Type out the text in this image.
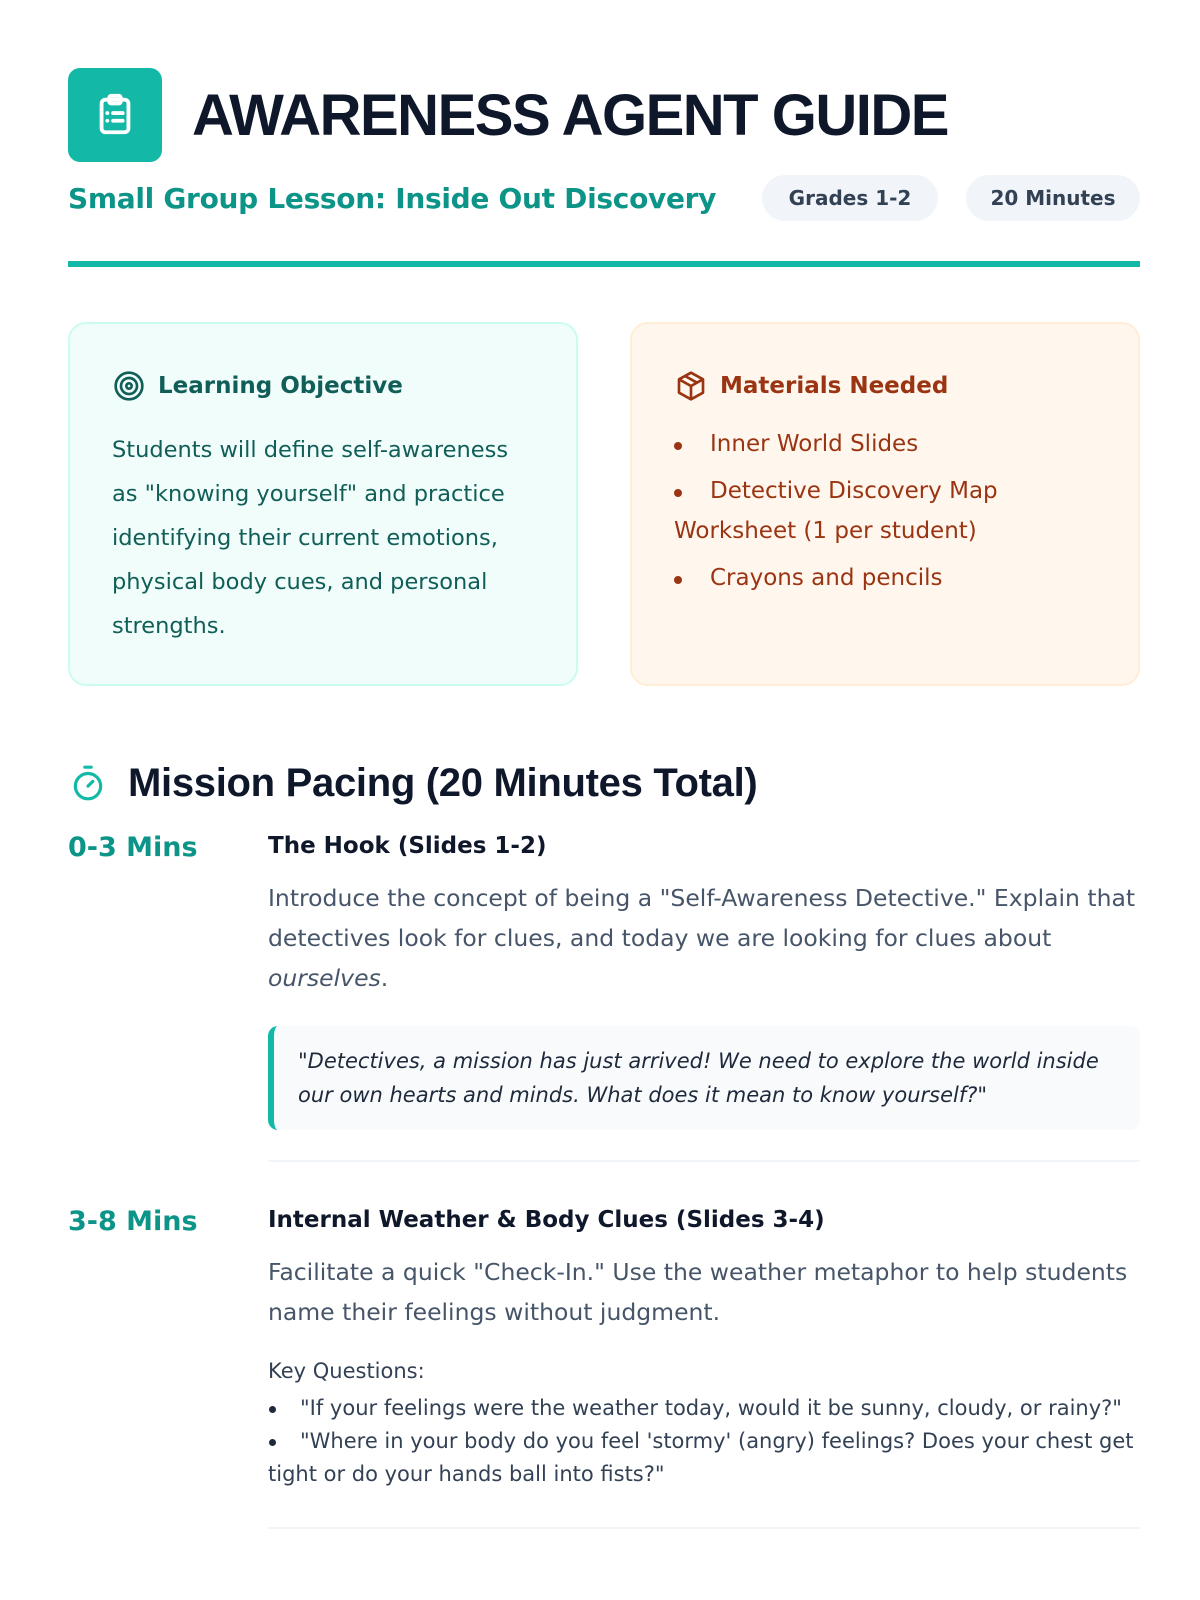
AWARENESS AGENT GUIDE
Small Group Lesson: Inside Out Discovery	Grades 1-2	20 Minutes
Learning Objective

Students will define self-awareness as "knowing yourself" and practice identifying their current emotions, physical body cues, and personal strengths.

Materials Needed
Inner World Slides
Detective Discovery Map Worksheet (1 per student)
Crayons and pencils
Mission Pacing (20 Minutes Total)
0-3 Mins	The Hook (Slides 1-2)

Introduce the concept of being a "Self-Awareness Detective." Explain that detectives look for clues, and today we are looking for clues about ourselves.

"Detectives, a mission has just arrived! We need to explore the world inside our own hearts and minds. What does it mean to know yourself?"
3-8 Mins	Internal Weather & Body Clues (Slides 3-4)

Facilitate a quick "Check-In." Use the weather metaphor to help students name their feelings without judgment.

Key Questions:
"If your feelings were the weather today, would it be sunny, cloudy, or rainy?"
"Where in your body do you feel 'stormy' (angry) feelings? Does your chest get tight or do your hands ball into fists?"
